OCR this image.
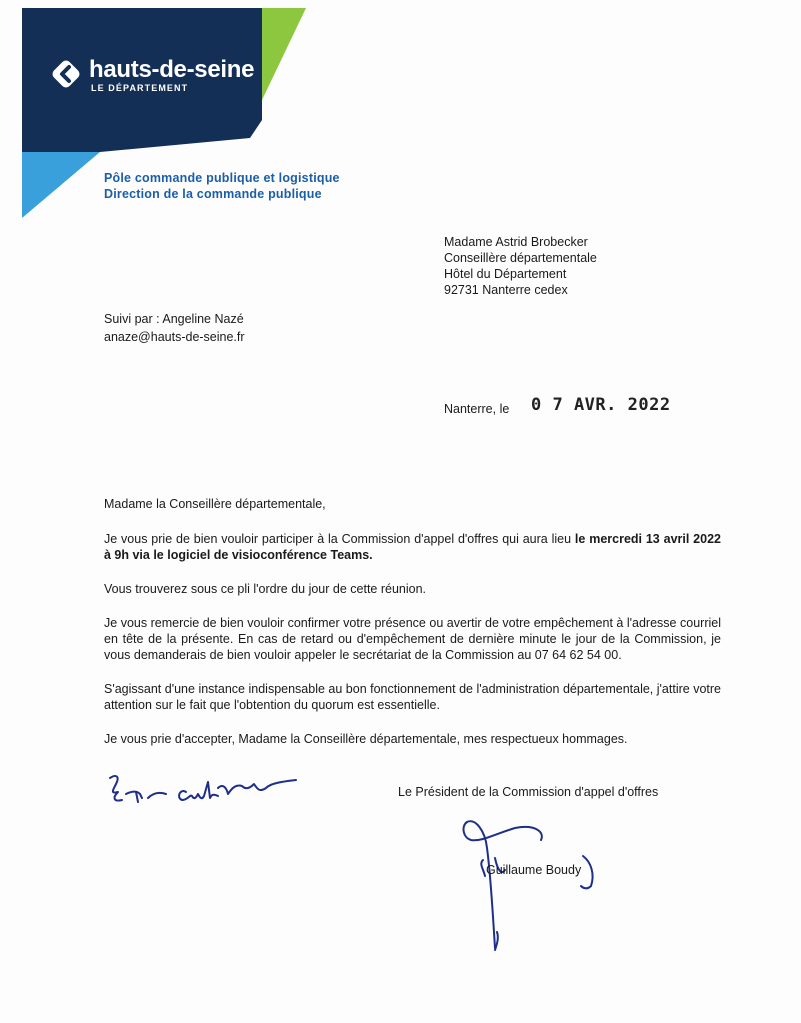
hauts-de-seine
LE DÉPARTEMENT
Pôle commande publique et logistique
Direction de la commande publique
Madame Astrid Brobecker
Conseillère départementale
Hôtel du Département
92731 Nanterre cedex
Suivi par : Angeline Nazé
anaze@hauts-de-seine.fr
Nanterre, le 0 7 AVR. 2022

Madame la Conseillère départementale,

Je vous prie de bien vouloir participer à la Commission d'appel d'offres qui aura lieu le mercredi 13 avril 2022 à 9h via le logiciel de visioconférence Teams.

Vous trouverez sous ce pli l'ordre du jour de cette réunion.

Je vous remercie de bien vouloir confirmer votre présence ou avertir de votre empêchement à l'adresse courriel en tête de la présente. En cas de retard ou d'empêchement de dernière minute le jour de la Commission, je vous demanderais de bien vouloir appeler le secrétariat de la Commission au 07 64 62 54 00.

S'agissant d'une instance indispensable au bon fonctionnement de l'administration départementale, j'attire votre attention sur le fait que l'obtention du quorum est essentielle.

Je vous prie d'accepter, Madame la Conseillère départementale, mes respectueux hommages.

Le Président de la Commission d'appel d'offres
Guillaume Boudy
